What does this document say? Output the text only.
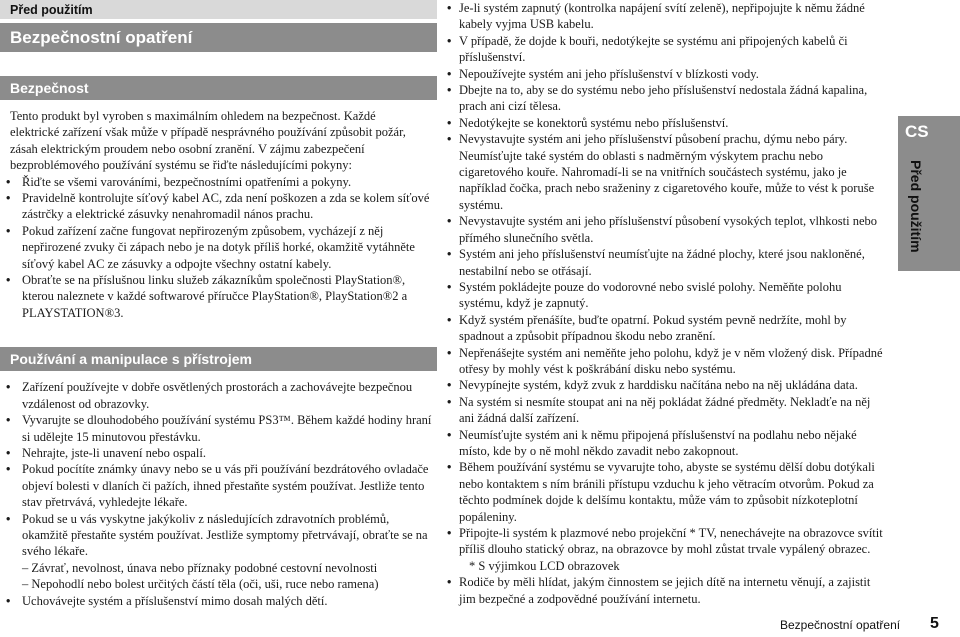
Před použitím
Bezpečnostní opatření
Bezpečnost

Tento produkt byl vyroben s maximálním ohledem na bezpečnost. Každé elektrické zařízení však může v případě nesprávného používání způsobit požár, zásah elektrickým proudem nebo osobní zranění. V zájmu zabezpečení bezproblémového používání systému se řiďte následujícími pokyny:

• Řiďte se všemi varováními, bezpečnostními opatřeními a pokyny.
• Pravidelně kontrolujte síťový kabel AC, zda není poškozen a zda se kolem síťové zástrčky a elektrické zásuvky nenahromadil nános prachu.
• Pokud zařízení začne fungovat nepřirozeným způsobem, vycházejí z něj nepřirozené zvuky či zápach nebo je na dotyk příliš horké, okamžitě vytáhněte síťový kabel AC ze zásuvky a odpojte všechny ostatní kabely.
• Obraťte se na příslušnou linku služeb zákazníkům společnosti PlayStation®, kterou naleznete v každé softwarové příručce PlayStation®, PlayStation®2 a PLAYSTATION®3.
Používání a manipulace s přístrojem
• Zařízení používejte v dobře osvětlených prostorách a zachovávejte bezpečnou vzdálenost od obrazovky.
• Vyvarujte se dlouhodobého používání systému PS3™. Během každé hodiny hraní si udělejte 15 minutovou přestávku.
• Nehrajte, jste-li unavení nebo ospalí.
• Pokud pocítíte známky únavy nebo se u vás při používání bezdrátového ovladače objeví bolesti v dlaních či pažích, ihned přestaňte systém používat. Jestliže tento stav přetrvává, vyhledejte lékaře.
• Pokud se u vás vyskytne jakýkoliv z následujících zdravotních problémů, okamžitě přestaňte systém používat. Jestliže symptomy přetrvávají, obraťte se na svého lékaře.
– Závrať, nevolnost, únava nebo příznaky podobné cestovní nevolnosti
– Nepohodlí nebo bolest určitých částí těla (oči, uši, ruce nebo ramena)
• Uchovávejte systém a příslušenství mimo dosah malých dětí.
• Je-li systém zapnutý (kontrolka napájení svítí zeleně), nepřipojujte k němu žádné kabely vyjma USB kabelu.
• V případě, že dojde k bouři, nedotýkejte se systému ani připojených kabelů či příslušenství.
• Nepoužívejte systém ani jeho příslušenství v blízkosti vody.
• Dbejte na to, aby se do systému nebo jeho příslušenství nedostala žádná kapalina, prach ani cizí tělesa.
• Nedotýkejte se konektorů systému nebo příslušenství.
• Nevystavujte systém ani jeho příslušenství působení prachu, dýmu nebo páry. Neumísťujte také systém do oblasti s nadměrným výskytem prachu nebo cigaretového kouře. Nahromadí-li se na vnitřních součástech systému, jako je například čočka, prach nebo sraženiny z cigaretového kouře, může to vést k poruše systému.
• Nevystavujte systém ani jeho příslušenství působení vysokých teplot, vlhkosti nebo přímého slunečního světla.
• Systém ani jeho příslušenství neumísťujte na žádné plochy, které jsou nakloněné, nestabilní nebo se otřásají.
• Systém pokládejte pouze do vodorovné nebo svislé polohy. Neměňte polohu systému, když je zapnutý.
• Když systém přenášíte, buďte opatrní. Pokud systém pevně nedržíte, mohl by spadnout a způsobit případnou škodu nebo zranění.
• Nepřenášejte systém ani neměňte jeho polohu, když je v něm vložený disk. Případné otřesy by mohly vést k poškrábání disku nebo systému.
• Nevypínejte systém, když zvuk z harddisku načítána nebo na něj ukládána data.
• Na systém si nesmíte stoupat ani na něj pokládat žádné předměty. Nekladťe na něj ani žádná další zařízení.
• Neumísťujte systém ani k němu připojená příslušenství na podlahu nebo nějaké místo, kde by o ně mohl někdo zavadit nebo zakopnout.
• Během používání systému se vyvarujte toho, abyste se systému dělší dobu dotýkali nebo kontaktem s ním bránili přístupu vzduchu k jeho větracím otvorům. Pokud za těchto podmínek dojde k delšímu kontaktu, může vám to způsobit nízkoteplotní popáleniny.
• Připojte-li systém k plazmové nebo projekční * TV, nenechávejte na obrazovce svítit příliš dlouho statický obraz, na obrazovce by mohl zůstat trvale vypálený obrazec.
* S výjimkou LCD obrazovek
• Rodiče by měli hlídat, jakým činnostem se jejich dítě na internetu věnují, a zajistit jim bezpečné a zodpovědné používání internetu.
CS
Před použitím
Bezpečnostní opatření 5
